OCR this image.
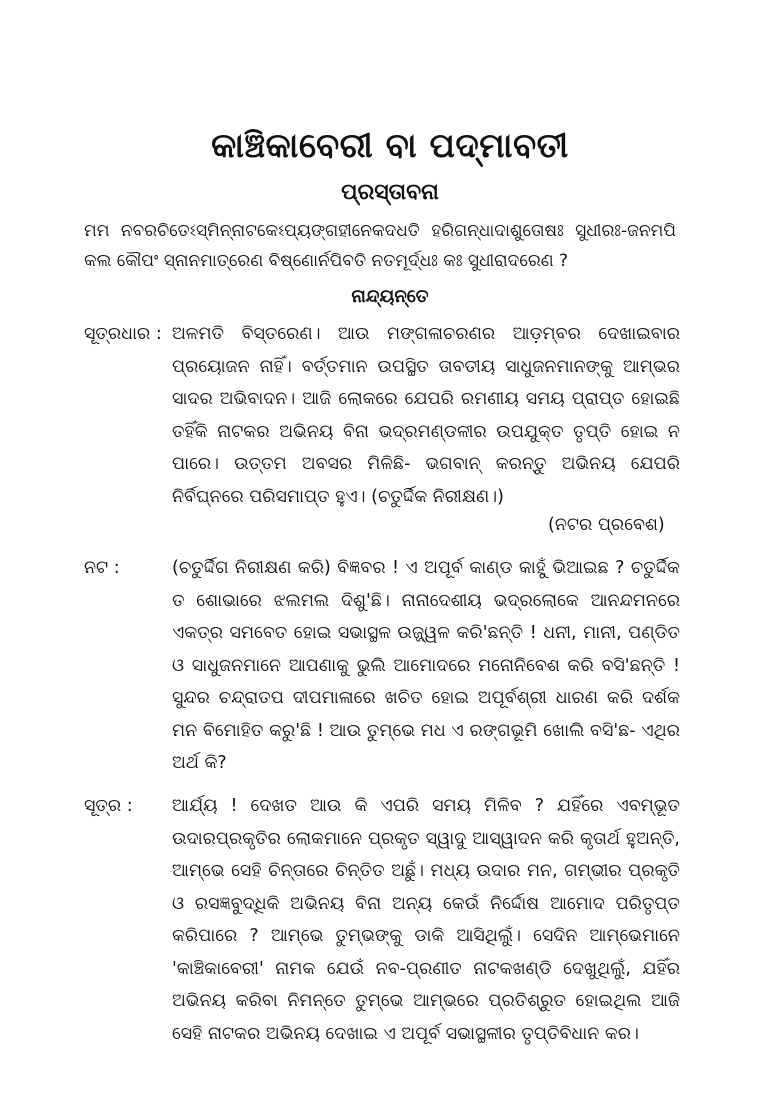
କାଞ୍ଚିକାବେରୀ ବା ପଦ୍ମାବତୀ
ପ୍ରସ୍ତାବନା
ମମ ନବରଚିତେଽସ୍ମିନ୍ନାଟକେଽପ୍ୟଙ୍ଗହୀନେକଦଧତି ହରିଗନ୍ଧାଦାଶୁତୋଷଃ ସୁଧୀରଃ-ଜନମପି କଲ କୌପଂ ସ୍ନାନମାତ୍ରେଣ ବିଷ୍ଣୋର୍ନପିବତି ନତମୂର୍ଦ୍ଧଃ କଃ ସୁଧୀରାଦରେଣ ?
ନାନ୍ଦ୍ୟନ୍ତେ
ସୂତ୍ରଧାର : ଅଳମତି ବିସ୍ତରେଣ। ଆଉ ମଙ୍ଗଳାଚରଣର ଆଡ଼ମ୍ବର ଦେଖାଇବାର ପ୍ରୟୋଜନ ନାହିଁ। ବର୍ତ୍ତମାନ ଉପସ୍ଥିତ ତାବତୀୟ ସାଧୁଜନମାନଙ୍କୁ ଆମ୍ଭର ସାଦର ଅଭିବାଦନ। ଆଜି ଲୋକରେ ଯେପରି ରମଣୀୟ ସମୟ ପ୍ରାପ୍ତ ହୋଇଛି ତହିଁକି ନାଟକର ଅଭିନୟ ବିନା ଭଦ୍ରମଣ୍ଡଳୀର ଉପଯୁକ୍ତ ତୃପ୍ତି ହୋଇ ନ ପାରେ। ଉତ୍ତମ ଅବସର ମିଳିଛି- ଭଗବାନ୍ କରନ୍ତୁ ଅଭିନୟ ଯେପରି ନିର୍ବିଘ୍ନରେ ପରିସମାପ୍ତ ହୁଏ। (ଚତୁର୍ଦ୍ଦିକ ନିରୀକ୍ଷଣ।)

(ନଟର ପ୍ରବେଶ)
ନଟ :	(ଚତୁର୍ଦ୍ଦିଗ ନିରୀକ୍ଷଣ କରି) ବିଜ୍ଞବର ! ଏ ଅପୂର୍ବ କାଣ୍ଡ କାହୁଁ ଭିଆଇଛ ? ଚତୁର୍ଦ୍ଦିକ ତ ଶୋଭାରେ ଝଲମଲ ଦିଶୁ'ଛି। ନାନାଦେଶୀୟ ଭଦ୍ରଲୋକେ ଆନନ୍ଦମନରେ ଏକତ୍ର ସମବେତ ହୋଇ ସଭାସ୍ଥଳ ଉଜ୍ଜ୍ୱଳ କରି'ଛନ୍ତି ! ଧନୀ, ମାନୀ, ପଣ୍ଡିତ ଓ ସାଧୁଜନମାନେ ଆପଣାକୁ ଭୁଲି ଆମୋଦରେ ମନୋନିବେଶ କରି ବସି'ଛନ୍ତି ! ସୁନ୍ଦର ଚନ୍ଦ୍ରାତପ ଦୀପମାଳାରେ ଖଚିତ ହୋଇ ଅପୂର୍ବଶ୍ରୀ ଧାରଣ କରି ଦର୍ଶକ ମନ ବିମୋହିତ କରୁ'ଛି ! ଆଉ ତୁମ୍ଭେ ମଧ ଏ ରଙ୍ଗଭୂମି ଖୋଲି ବସି'ଛ- ଏଥିର ଅର୍ଥ କି?

ସୂତ୍ର :	ଆର୍ଯ୍ୟ ! ଦେଖତ ଆଉ କି ଏପରି ସମୟ ମିଳିବ ? ଯହିଁରେ ଏବମ୍ଭୂତ ଉଦାରପ୍ରକୃତିର ଲୋକମାନେ ପ୍ରକୃତ ସ୍ୱାଦୁ ଆସ୍ୱାଦନ କରି କୃତାର୍ଥ ହୁଅନ୍ତି, ଆମ୍ଭେ ସେହି ଚିନ୍ତାରେ ଚିନ୍ତିତ ଅଛୁଁ। ମଧ୍ୟ ଉଦାର ମନ, ଗମ୍ଭୀର ପ୍ରକୃତି ଓ ରସଜ୍ଞବୁଦ୍ଧିକି ଅଭିନୟ ବିନା ଅନ୍ୟ କେଉଁ ନିର୍ଦ୍ଦୋଷ ଆମୋଦ ପରିତୃପ୍ତ କରିପାରେ ? ଆମ୍ଭେ ତୁମ୍ଭଙ୍କୁ ଡାକି ଆସିଥିଲୁଁ। ସେଦିନ ଆମ୍ଭେମାନେ 'କାଞ୍ଚିକାବେରୀ' ନାମକ ଯେଉଁ ନବ-ପ୍ରଣୀତ ନାଟକଖଣ୍ଡି ଦେଖୁଥିଲୁଁ, ଯହିଁର ଅଭିନୟ କରିବା ନିମନ୍ତେ ତୁମ୍ଭେ ଆମ୍ଭରେ ପ୍ରତିଶ୍ରୁତ ହୋଇଥିଲ ଆଜି ସେହି ନାଟକର ଅଭିନୟ ଦେଖାଇ ଏ ଅପୂର୍ବ ସଭାସ୍ଥଳୀର ତୃପ୍ତିବିଧାନ କର।
